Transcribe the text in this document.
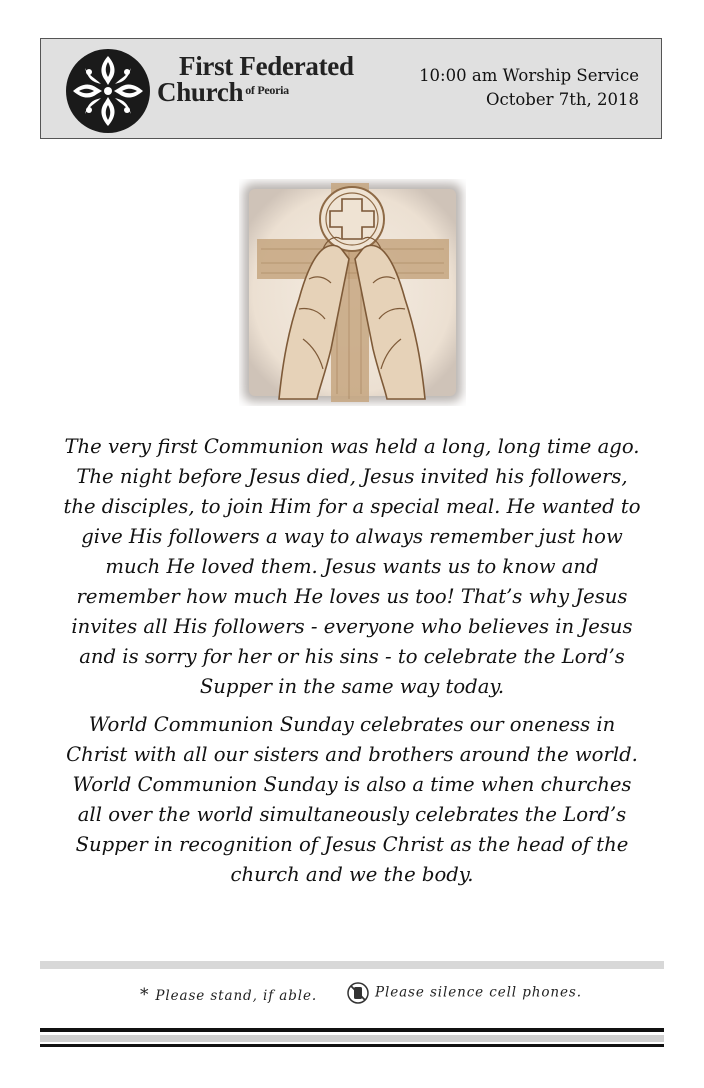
First Federated
Church $^{of Peoria}$
10:00 am Worship Service
October 7th, 2018

The very first Communion was held a long, long time ago. The night before Jesus died, Jesus invited his followers, the disciples, to join Him for a special meal. He wanted to give His followers a way to always remember just how much He loved them. Jesus wants us to know and remember how much He loves us too! That’s why Jesus invites all His followers - everyone who believes in Jesus and is sorry for her or his sins - to celebrate the Lord’s Supper in the same way today.

World Communion Sunday celebrates our oneness in Christ with all our sisters and brothers around the world. World Communion Sunday is also a time when churches all over the world simultaneously celebrates the Lord’s Supper in recognition of Jesus Christ as the head of the church and we the body.

* Please stand, if able.	Please silence cell phones.
